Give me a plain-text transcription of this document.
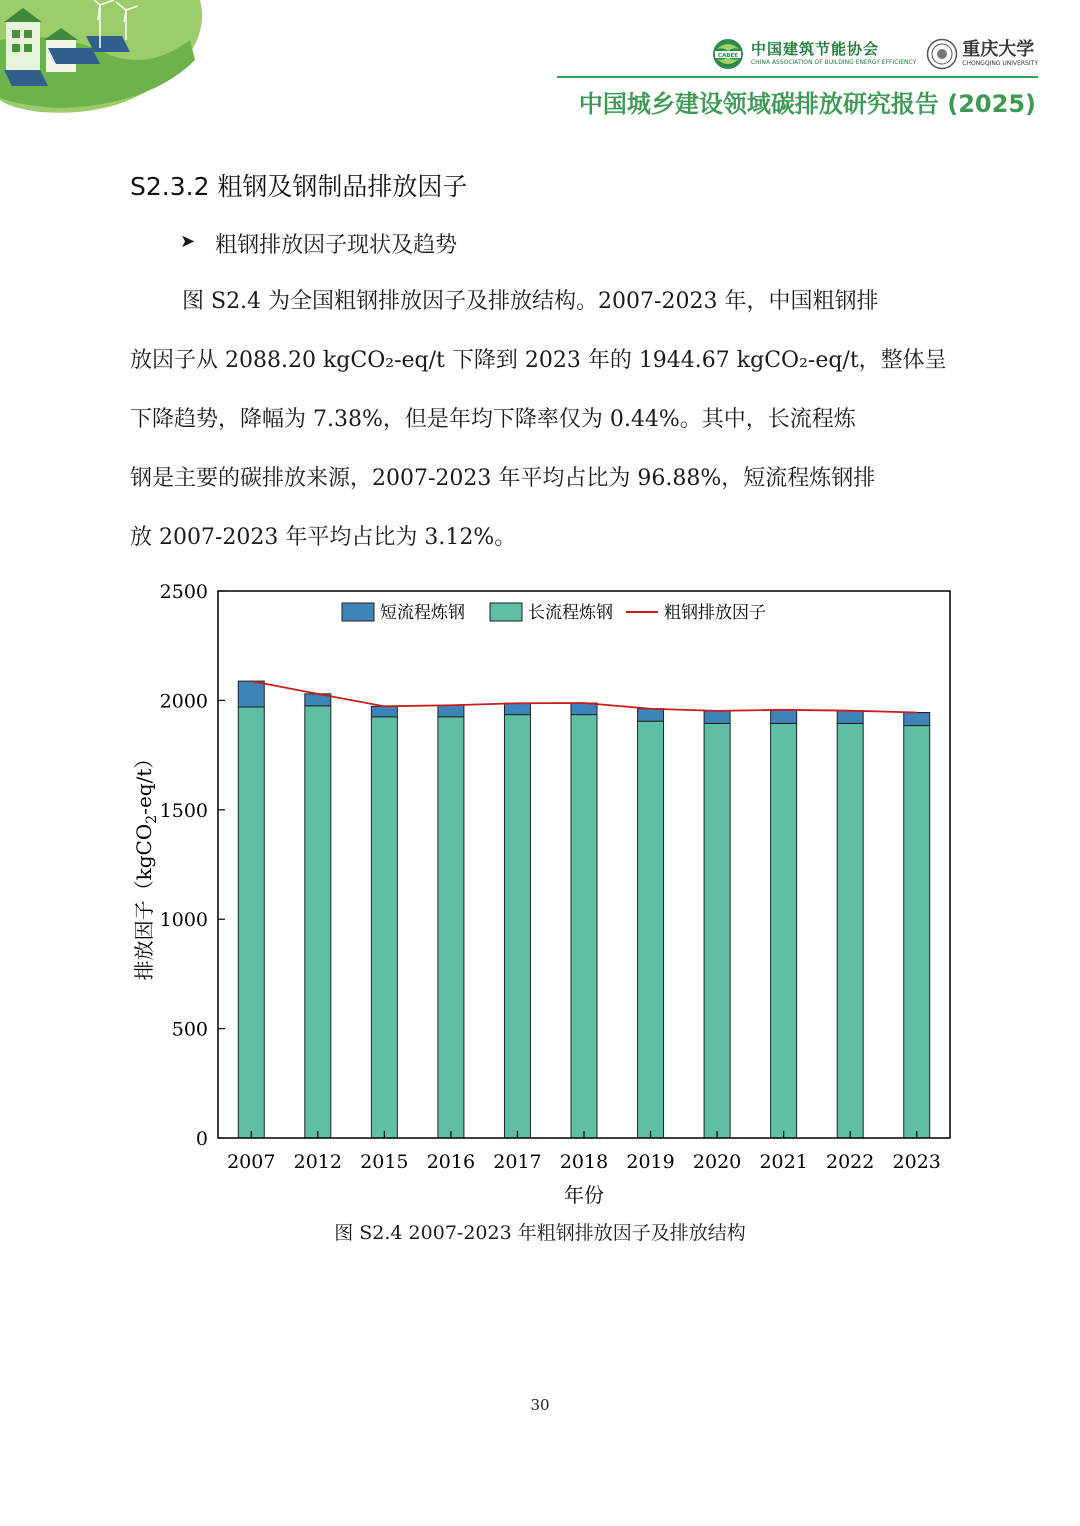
CABEE 中国建筑节能协会
CHINA ASSOCIATION OF BUILDING ENERGY EFFICIENCY
重庆大学
CHONGQING UNIVERSITY
中国城乡建设领域碳排放研究报告 (2025)
S2.3.2 粗钢及钢制品排放因子
➤ 粗钢排放因子现状及趋势
图 S2.4 为全国粗钢排放因子及排放结构。2007-2023 年，中国粗钢排
放因子从 2088.20 kgCO₂-eq/t 下降到 2023 年的 1944.67 kgCO₂-eq/t，整体呈
下降趋势，降幅为 7.38%，但是年均下降率仅为 0.44%。其中，长流程炼
钢是主要的碳排放来源，2007-2023 年平均占比为 96.88%，短流程炼钢排
放 2007-2023 年平均占比为 3.12%。
0
500
1000
1500
2000
2500
2007 2012 2015 2016 2017 2018 2019 2020 2021 2022 2023
短流程炼钢	长流程炼钢	粗钢排放因子
年份
排放因子（kgCO$_2$-eq/t）
图 S2.4 2007-2023 年粗钢排放因子及排放结构
30
